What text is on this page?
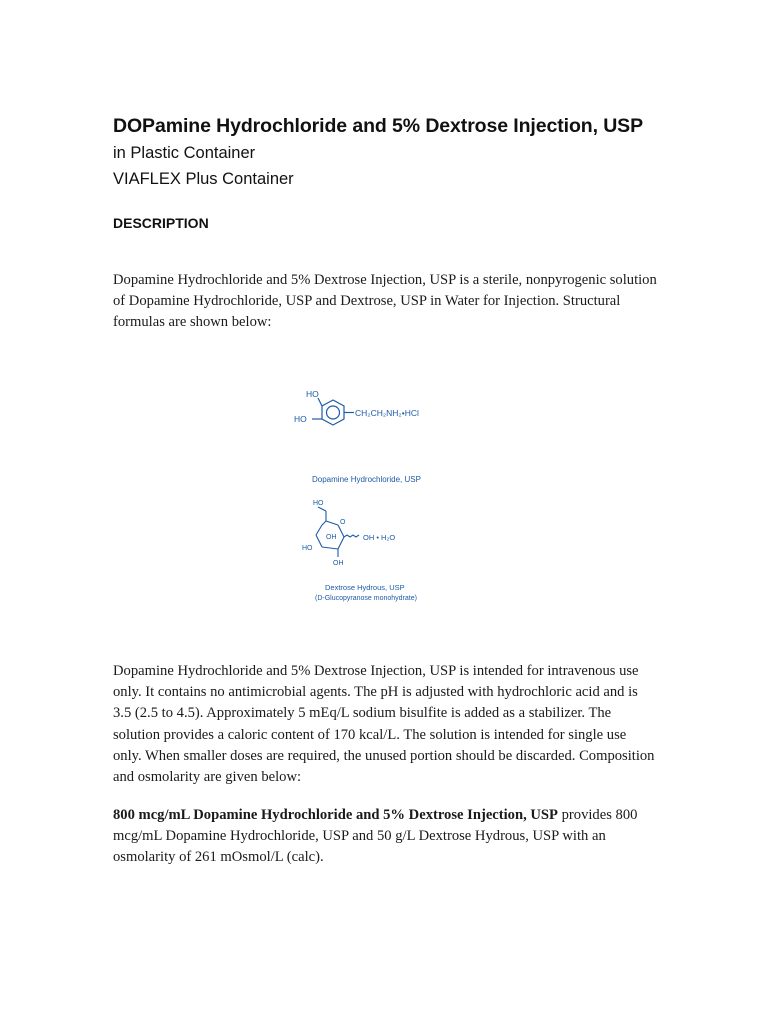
DOPamine Hydrochloride and 5% Dextrose Injection, USP
in Plastic Container
VIAFLEX Plus Container
DESCRIPTION

Dopamine Hydrochloride and 5% Dextrose Injection, USP is a sterile, nonpyrogenic solution of Dopamine Hydrochloride, USP and Dextrose, USP in Water for Injection. Structural formulas are shown below:

HO
HO
CH₂CH₂NH₂•HCl
Dopamine Hydrochloride, USP
HO
O
OH	OH • H₂O
HO
OH
Dextrose Hydrous, USP
(D-Glucopyranose monohydrate)

Dopamine Hydrochloride and 5% Dextrose Injection, USP is intended for intravenous use only. It contains no antimicrobial agents. The pH is adjusted with hydrochloric acid and is 3.5 (2.5 to 4.5). Approximately 5 mEq/L sodium bisulfite is added as a stabilizer. The solution provides a caloric content of 170 kcal/L. The solution is intended for single use only. When smaller doses are required, the unused portion should be discarded. Composition and osmolarity are given below:

800 mcg/mL Dopamine Hydrochloride and 5% Dextrose Injection, USP provides 800 mcg/mL Dopamine Hydrochloride, USP and 50 g/L Dextrose Hydrous, USP with an osmolarity of 261 mOsmol/L (calc).
